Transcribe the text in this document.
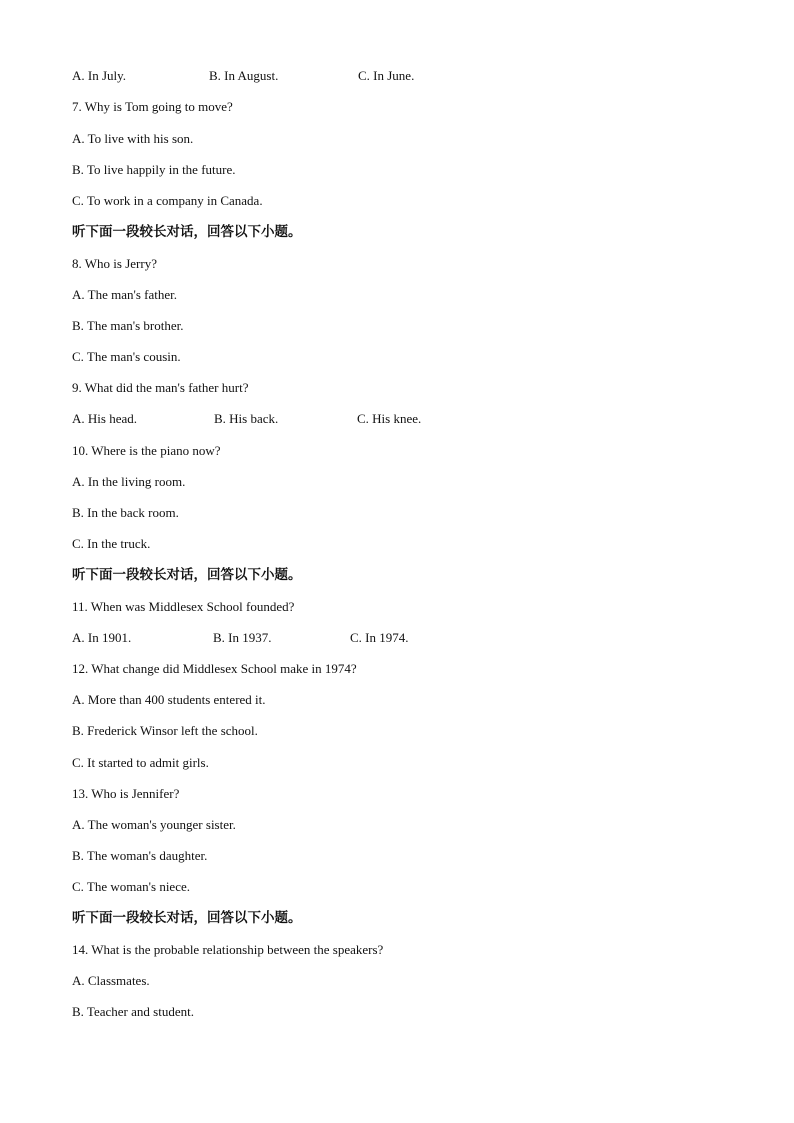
A. In July.	B. In August.	C. In June.
7. Why is Tom going to move?
A. To live with his son.
B. To live happily in the future.
C. To work in a company in Canada.
听下面一段较长对话，回答以下小题。
8. Who is Jerry?
A. The man's father.
B. The man's brother.
C. The man's cousin.
9. What did the man's father hurt?
A. His head.	B. His back.	C. His knee.
10. Where is the piano now?
A. In the living room.
B. In the back room.
C. In the truck.
听下面一段较长对话，回答以下小题。
11. When was Middlesex School founded?
A. In 1901.	B. In 1937.	C. In 1974.
12. What change did Middlesex School make in 1974?
A. More than 400 students entered it.
B. Frederick Winsor left the school.
C. It started to admit girls.
13. Who is Jennifer?
A. The woman's younger sister.
B. The woman's daughter.
C. The woman's niece.
听下面一段较长对话，回答以下小题。
14. What is the probable relationship between the speakers?
A. Classmates.
B. Teacher and student.
